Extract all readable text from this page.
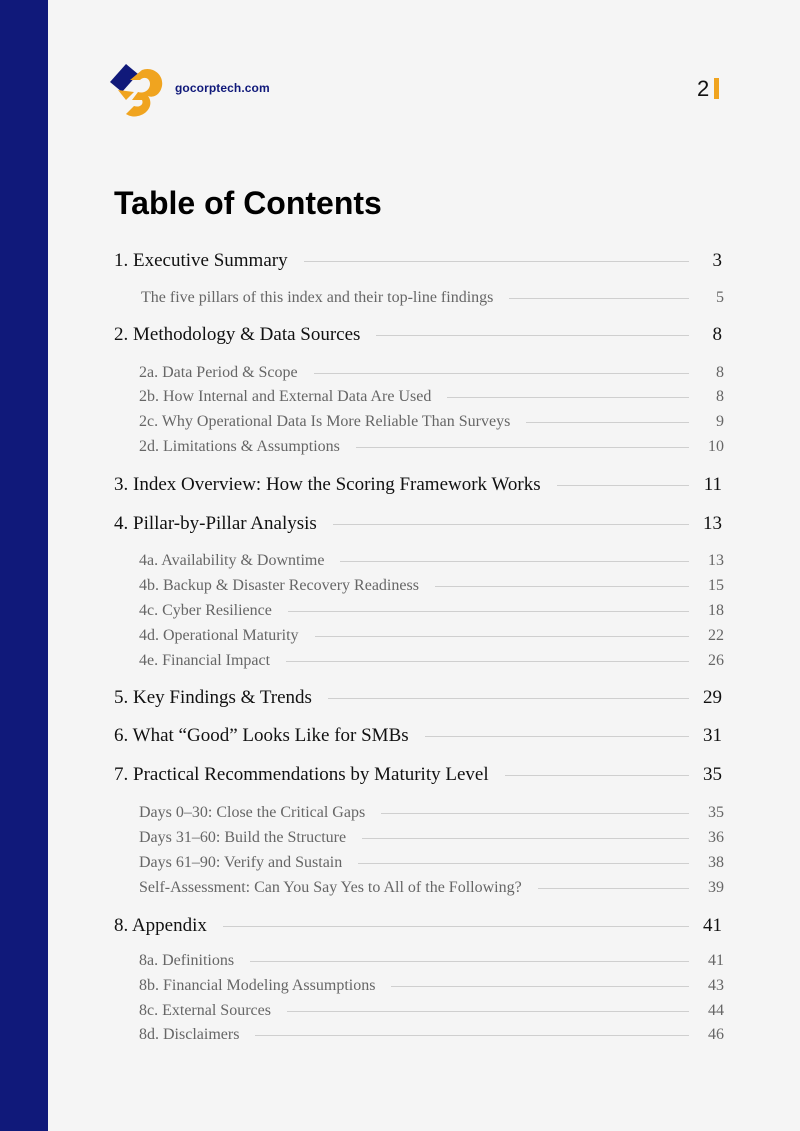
gocorptech.com	2
Table of Contents
1. Executive Summary	3
The five pillars of this index and their top-line findings	5
2. Methodology & Data Sources	8
2a. Data Period & Scope	8
2b. How Internal and External Data Are Used	8
2c. Why Operational Data Is More Reliable Than Surveys	9
2d. Limitations & Assumptions	10
3. Index Overview: How the Scoring Framework Works	11
4. Pillar-by-Pillar Analysis	13
4a. Availability & Downtime	13
4b. Backup & Disaster Recovery Readiness	15
4c. Cyber Resilience	18
4d. Operational Maturity	22
4e. Financial Impact	26
5. Key Findings & Trends	29
6. What “Good” Looks Like for SMBs	31
7. Practical Recommendations by Maturity Level	35
Days 0–30: Close the Critical Gaps	35
Days 31–60: Build the Structure	36
Days 61–90: Verify and Sustain	38
Self-Assessment: Can You Say Yes to All of the Following?	39
8. Appendix	41
8a. Definitions	41
8b. Financial Modeling Assumptions	43
8c. External Sources	44
8d. Disclaimers	46
